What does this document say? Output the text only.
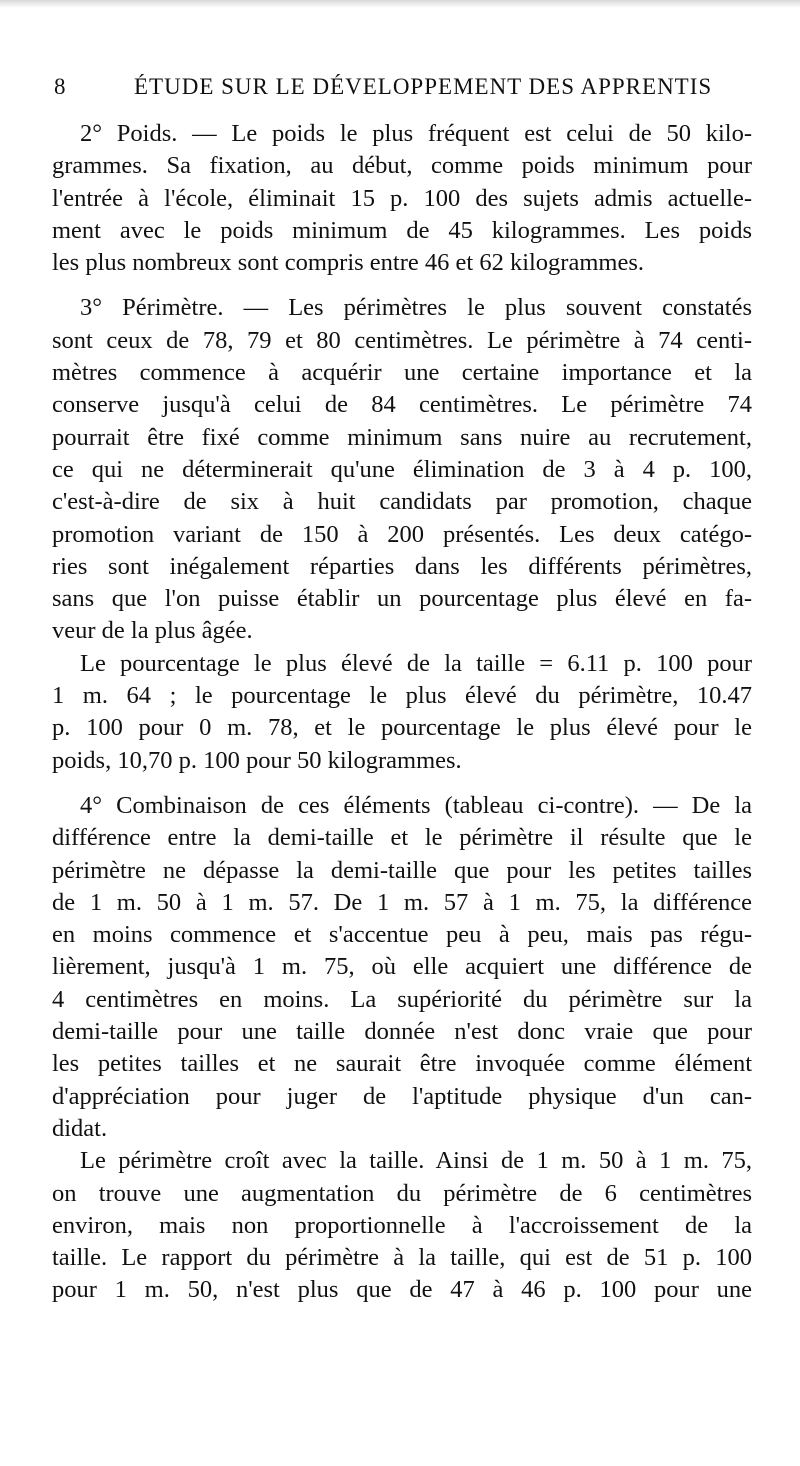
8	ÉTUDE SUR LE DÉVELOPPEMENT DES APPRENTIS

2° Poids. — Le poids le plus fréquent est celui de 50 kilo-
grammes. Sa fixation, au début, comme poids minimum pour
l'entrée à l'école, éliminait 15 p. 100 des sujets admis actuelle-
ment avec le poids minimum de 45 kilogrammes. Les poids
les plus nombreux sont compris entre 46 et 62 kilogrammes.

3° Périmètre. — Les périmètres le plus souvent constatés
sont ceux de 78, 79 et 80 centimètres. Le périmètre à 74 centi-
mètres commence à acquérir une certaine importance et la
conserve jusqu'à celui de 84 centimètres. Le périmètre 74
pourrait être fixé comme minimum sans nuire au recrutement,
ce qui ne déterminerait qu'une élimination de 3 à 4 p. 100,
c'est-à-dire de six à huit candidats par promotion, chaque
promotion variant de 150 à 200 présentés. Les deux catégo-
ries sont inégalement réparties dans les différents périmètres,
sans que l'on puisse établir un pourcentage plus élevé en fa-
veur de la plus âgée.

Le pourcentage le plus élevé de la taille = 6.11 p. 100 pour
1 m. 64 ; le pourcentage le plus élevé du périmètre, 10.47
p. 100 pour 0 m. 78, et le pourcentage le plus élevé pour le
poids, 10,70 p. 100 pour 50 kilogrammes.

4° Combinaison de ces éléments (tableau ci-contre). — De la
différence entre la demi-taille et le périmètre il résulte que le
périmètre ne dépasse la demi-taille que pour les petites tailles
de 1 m. 50 à 1 m. 57. De 1 m. 57 à 1 m. 75, la différence
en moins commence et s'accentue peu à peu, mais pas régu-
lièrement, jusqu'à 1 m. 75, où elle acquiert une différence de
4 centimètres en moins. La supériorité du périmètre sur la
demi-taille pour une taille donnée n'est donc vraie que pour
les petites tailles et ne saurait être invoquée comme élément
d'appréciation pour juger de l'aptitude physique d'un can-
didat.

Le périmètre croît avec la taille. Ainsi de 1 m. 50 à 1 m. 75,
on trouve une augmentation du périmètre de 6 centimètres
environ, mais non proportionnelle à l'accroissement de la
taille. Le rapport du périmètre à la taille, qui est de 51 p. 100
pour 1 m. 50, n'est plus que de 47 à 46 p. 100 pour une
